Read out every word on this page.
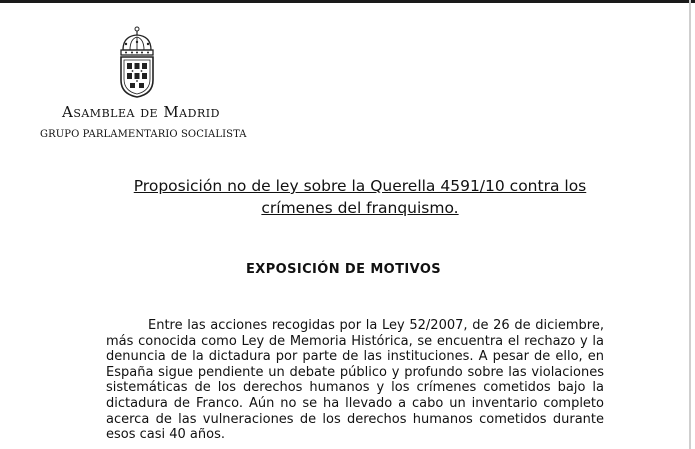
Asamblea de Madrid
GRUPO PARLAMENTARIO SOCIALISTA
Proposición no de ley sobre la Querella 4591/10 contra los
crímenes del franquismo.
EXPOSICIÓN DE MOTIVOS
Entre las acciones recogidas por la Ley 52/2007, de 26 de diciembre,
más conocida como Ley de Memoria Histórica, se encuentra el rechazo y la
denuncia de la dictadura por parte de las instituciones. A pesar de ello, en
España sigue pendiente un debate público y profundo sobre las violaciones
sistemáticas de los derechos humanos y los crímenes cometidos bajo la
dictadura de Franco. Aún no se ha llevado a cabo un inventario completo
acerca de las vulneraciones de los derechos humanos cometidos durante
esos casi 40 años.
